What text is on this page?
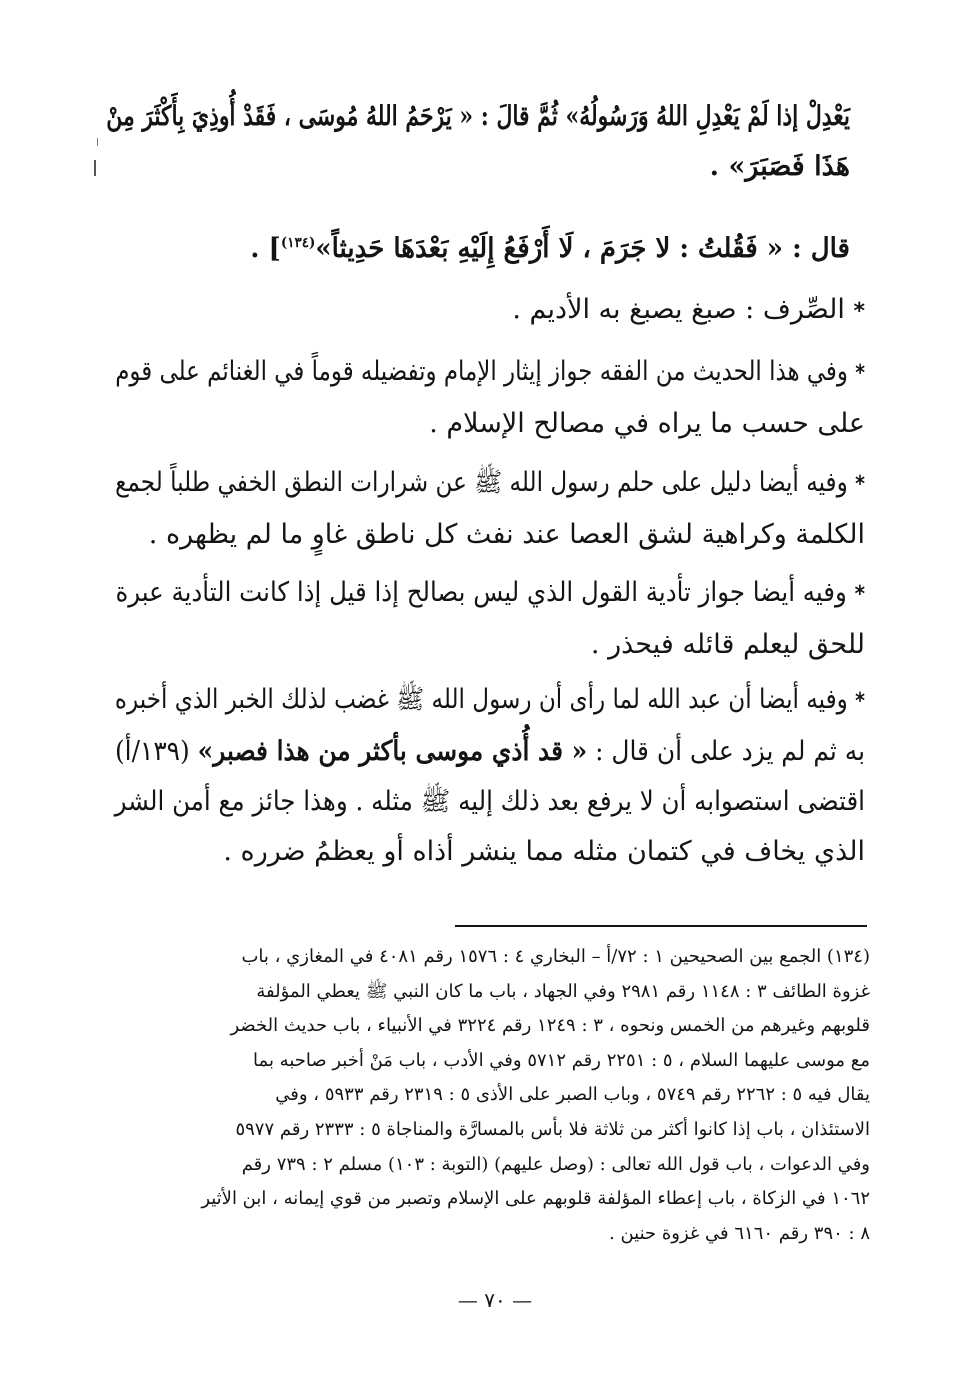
يَعْدِلْ إذا لَمْ يَعْدِلِ اللهُ وَرَسُولُهُ» ثُمَّ قالَ : « يَرْحَمُ اللهُ مُوسَى ، فَقَدْ أُوذِيَ بِأَكْثَرَ مِنْ
هَذَا فَصَبَرَ» .
قال : « فَقُلتُ : لا جَرَمَ ، لَا أَرْفَعُ إِلَيْهِ بَعْدَهَا حَدِيثاً»$^{(١٣٤)}$] .
* الصِّرف : صبغ يصبغ به الأديم .
* وفي هذا الحديث من الفقه جواز إيثار الإمام وتفضيله قوماً في الغنائم على قوم
على حسب ما يراه في مصالح الإسلام .
* وفيه أيضا دليل على حلم رسول الله ﷺ عن شرارات النطق الخفي طلباً لجمع
الكلمة وكراهية لشق العصا عند نفث كل ناطق غاوٍ ما لم يظهره .
* وفيه أيضا جواز تأدية القول الذي ليس بصالح إذا قيل إذا كانت التأدية عبرة
للحق ليعلم قائله فيحذر .
* وفيه أيضا أن عبد الله لما رأى أن رسول الله ﷺ غضب لذلك الخبر الذي أخبره
به ثم لم يزد على أن قال : « قد أُذي موسى بأكثر من هذا فصبر» (١٣٩/أ)
اقتضى استصوابه أن لا يرفع بعد ذلك إليه ﷺ مثله . وهذا جائز مع أمن الشر
الذي يخاف في كتمان مثله مما ينشر أذاه أو يعظمُ ضرره .
(١٣٤) الجمع بين الصحيحين ١ : ٧٢/أ – البخاري ٤ : ١٥٧٦ رقم ٤٠٨١ في المغازي ، باب
غزوة الطائف ٣ : ١١٤٨ رقم ٢٩٨١ وفي الجهاد ، باب ما كان النبي ﷺ يعطي المؤلفة
قلوبهم وغيرهم من الخمس ونحوه ، ٣ : ١٢٤٩ رقم ٣٢٢٤ في الأنبياء ، باب حديث الخضر
مع موسى عليهما السلام ، ٥ : ٢٢٥١ رقم ٥٧١٢ وفي الأدب ، باب مَنْ أخبر صاحبه بما
يقال فيه ٥ : ٢٢٦٢ رقم ٥٧٤٩ ، وباب الصبر على الأذى ٥ : ٢٣١٩ رقم ٥٩٣٣ ، وفي
الاستئذان ، باب إذا كانوا أكثر من ثلاثة فلا بأس بالمسارَّة والمناجاة ٥ : ٢٣٣٣ رقم ٥٩٧٧
وفي الدعوات ، باب قول الله تعالى : (وصل عليهم) (التوبة : ١٠٣) مسلم ٢ : ٧٣٩ رقم
١٠٦٢ في الزكاة ، باب إعطاء المؤلفة قلوبهم على الإسلام وتصبر من قوي إيمانه ، ابن الأثير
٨ : ٣٩٠ رقم ٦١٦٠ في غزوة حنين .
— ٧٠ —
